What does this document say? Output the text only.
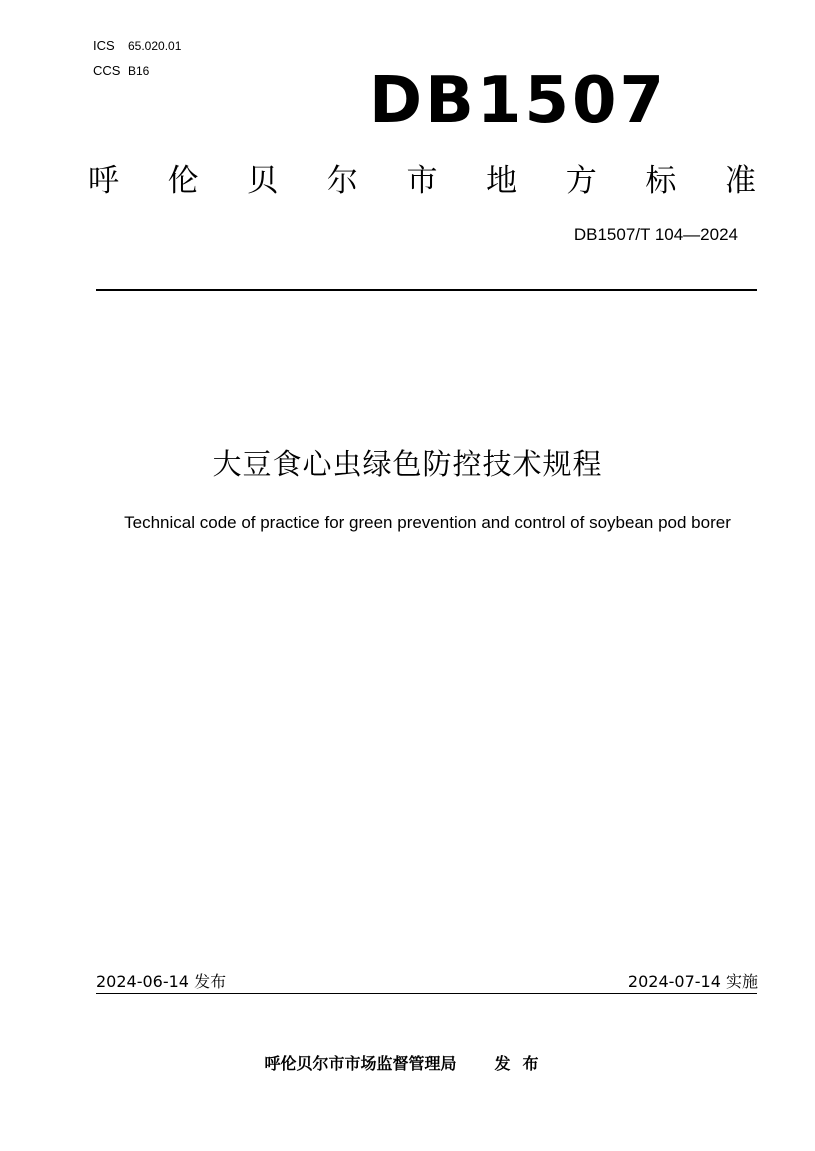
ICS 65.020.01
CCS B16	DB1507
呼 伦 贝 尔 市 地 方 标 准
DB1507/T 104—2024
大豆食心虫绿色防控技术规程
Technical code of practice for green prevention and control of soybean pod borer
2024-06-14 发布	2024-07-14 实施
呼伦贝尔市市场监督管理局 发布
